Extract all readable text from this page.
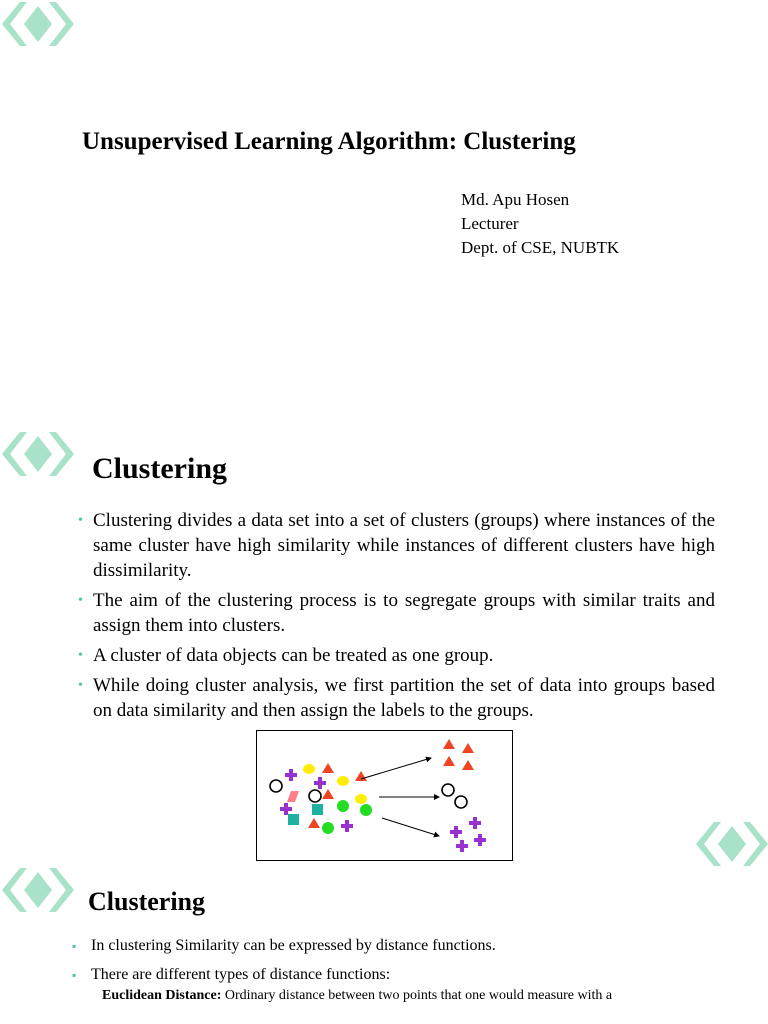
Unsupervised Learning Algorithm: Clustering
Md. Apu Hosen
Lecturer
Dept. of CSE, NUBTK
Clustering
• Clustering divides a data set into a set of clusters (groups) where instances of the same cluster have high similarity while instances of different clusters have high dissimilarity.
• The aim of the clustering process is to segregate groups with similar traits and assign them into clusters.
• A cluster of data objects can be treated as one group.
• While doing cluster analysis, we first partition the set of data into groups based on data similarity and then assign the labels to the groups.
Clustering
▪ In clustering Similarity can be expressed by distance functions.
▪ There are different types of distance functions:

Euclidean Distance: Ordinary distance between two points that one would measure with a
